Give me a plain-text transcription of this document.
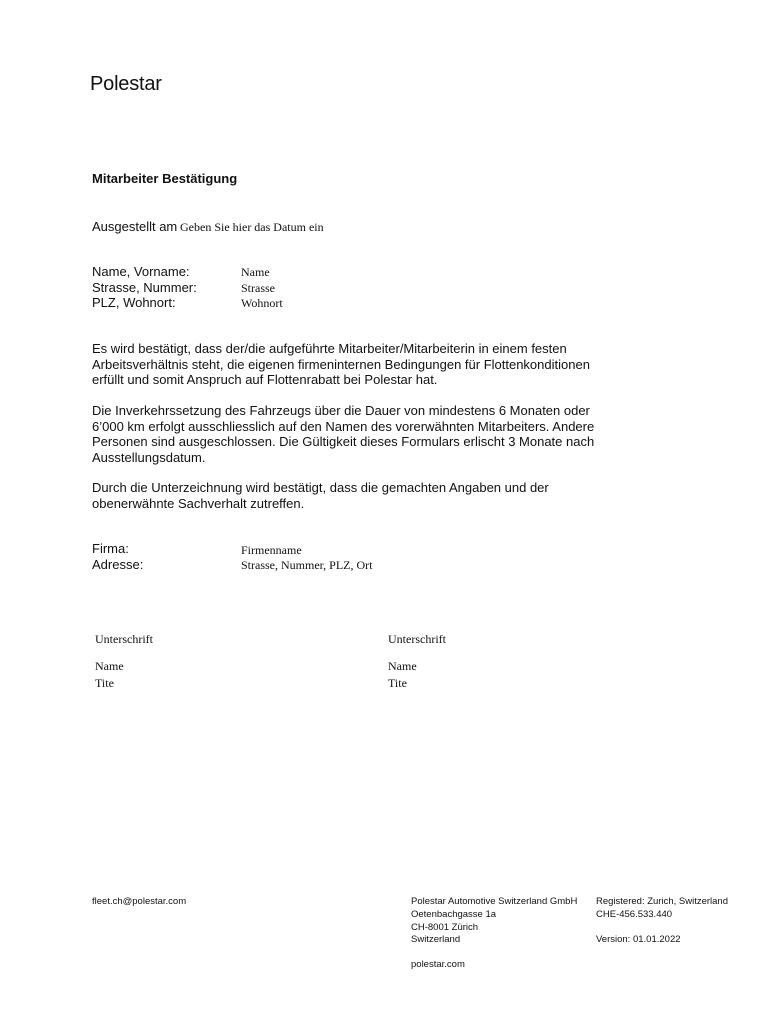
Polestar
Mitarbeiter Bestätigung
Ausgestellt am Geben Sie hier das Datum ein
Name, Vorname:	Name
Strasse, Nummer:	Strasse
PLZ, Wohnort:	Wohnort
Es wird bestätigt, dass der/die aufgeführte Mitarbeiter/Mitarbeiterin in einem festen Arbeitsverhältnis steht, die eigenen firmeninternen Bedingungen für Flottenkonditionen erfüllt und somit Anspruch auf Flottenrabatt bei Polestar hat.
Die Inverkehrssetzung des Fahrzeugs über die Dauer von mindestens 6 Monaten oder 6’000 km erfolgt ausschliesslich auf den Namen des vorerwähnten Mitarbeiters. Andere Personen sind ausgeschlossen. Die Gültigkeit dieses Formulars erlischt 3 Monate nach Ausstellungsdatum.
Durch die Unterzeichnung wird bestätigt, dass die gemachten Angaben und der obenerwähnte Sachverhalt zutreffen.
Firma:	Firmenname
Adresse:	Strasse, Nummer, PLZ, Ort
Unterschrift
Name
Tite
Unterschrift
Name
Tite
fleet.ch@polestar.com	Polestar Automotive Switzerland GmbH
Oetenbachgasse 1a
CH-8001 Zürich
Switzerland
polestar.com
Registered: Zurich, Switzerland
CHE-456.533.440
Version: 01.01.2022
